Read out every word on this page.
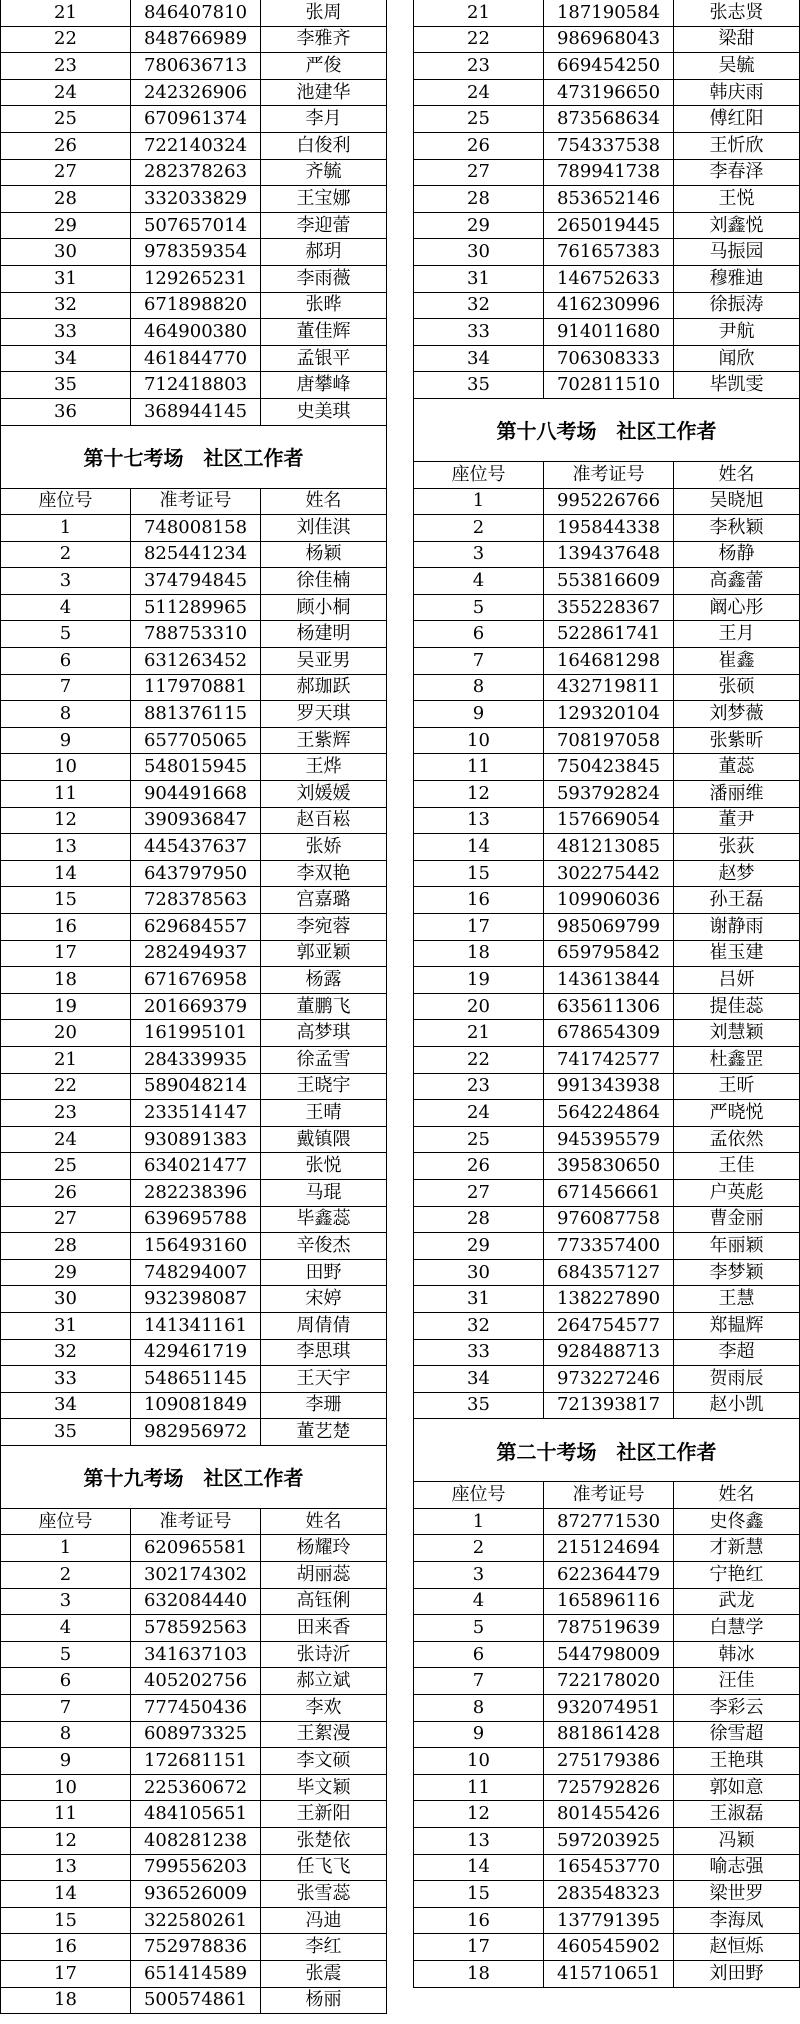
21	846407810	张周
22	848766989	李雅齐
23	780636713	严俊
24	242326906	池建华
25	670961374	李月
26	722140324	白俊利
27	282378263	齐毓
28	332033829	王宝娜
29	507657014	李迎蕾
30	978359354	郝玥
31	129265231	李雨薇
32	671898820	张晔
33	464900380	董佳辉
34	461844770	孟银平
35	712418803	唐攀峰
36	368944145	史美琪
第十七考场　社区工作者
座位号	准考证号	姓名
1	748008158	刘佳淇
2	825441234	杨颖
3	374794845	徐佳楠
4	511289965	顾小桐
5	788753310	杨建明
6	631263452	吴亚男
7	117970881	郝珈跃
8	881376115	罗天琪
9	657705065	王紫辉
10	548015945	王烨
11	904491668	刘媛媛
12	390936847	赵百崧
13	445437637	张娇
14	643797950	李双艳
15	728378563	宫嘉璐
16	629684557	李宛蓉
17	282494937	郭亚颖
18	671676958	杨露
19	201669379	董鹏飞
20	161995101	高梦琪
21	284339935	徐孟雪
22	589048214	王晓宇
23	233514147	王晴
24	930891383	戴镇隈
25	634021477	张悦
26	282238396	马琨
27	639695788	毕鑫蕊
28	156493160	辛俊杰
29	748294007	田野
30	932398087	宋婷
31	141341161	周倩倩
32	429461719	李思琪
33	548651145	王天宇
34	109081849	李珊
35	982956972	董艺楚
第十九考场　社区工作者
座位号	准考证号	姓名
1	620965581	杨耀玲
2	302174302	胡丽蕊
3	632084440	高钰俐
4	578592563	田来香
5	341637103	张诗沂
6	405202756	郝立斌
7	777450436	李欢
8	608973325	王絮漫
9	172681151	李文硕
10	225360672	毕文颖
11	484105651	王新阳
12	408281238	张楚依
13	799556203	任飞飞
14	936526009	张雪蕊
15	322580261	冯迪
16	752978836	李红
17	651414589	张震
18	500574861	杨丽
21	187190584	张志贤
22	986968043	梁甜
23	669454250	吴毓
24	473196650	韩庆雨
25	873568634	傅红阳
26	754337538	王忻欣
27	789941738	李春泽
28	853652146	王悦
29	265019445	刘鑫悦
30	761657383	马振园
31	146752633	穆雅迪
32	416230996	徐振涛
33	914011680	尹航
34	706308333	闻欣
35	702811510	毕凯雯
第十八考场　社区工作者
座位号	准考证号	姓名
1	995226766	吴晓旭
2	195844338	李秋颖
3	139437648	杨静
4	553816609	高鑫蕾
5	355228367	阚心彤
6	522861741	王月
7	164681298	崔鑫
8	432719811	张硕
9	129320104	刘梦薇
10	708197058	张紫昕
11	750423845	董蕊
12	593792824	潘丽维
13	157669054	董尹
14	481213085	张荻
15	302275442	赵梦
16	109906036	孙王磊
17	985069799	谢静雨
18	659795842	崔玉建
19	143613844	吕妍
20	635611306	提佳蕊
21	678654309	刘慧颖
22	741742577	杜鑫罡
23	991343938	王昕
24	564224864	严晓悦
25	945395579	孟依然
26	395830650	王佳
27	671456661	户英彪
28	976087758	曹金丽
29	773357400	年丽颖
30	684357127	李梦颖
31	138227890	王慧
32	264754577	郑韫辉
33	928488713	李超
34	973227246	贺雨辰
35	721393817	赵小凯
第二十考场　社区工作者
座位号	准考证号	姓名
1	872771530	史佟鑫
2	215124694	才新慧
3	622364479	宁艳红
4	165896116	武龙
5	787519639	白慧学
6	544798009	韩冰
7	722178020	汪佳
8	932074951	李彩云
9	881861428	徐雪超
10	275179386	王艳琪
11	725792826	郭如意
12	801455426	王淑磊
13	597203925	冯颖
14	165453770	喻志强
15	283548323	梁世罗
16	137791395	李海凤
17	460545902	赵恒烁
18	415710651	刘田野
